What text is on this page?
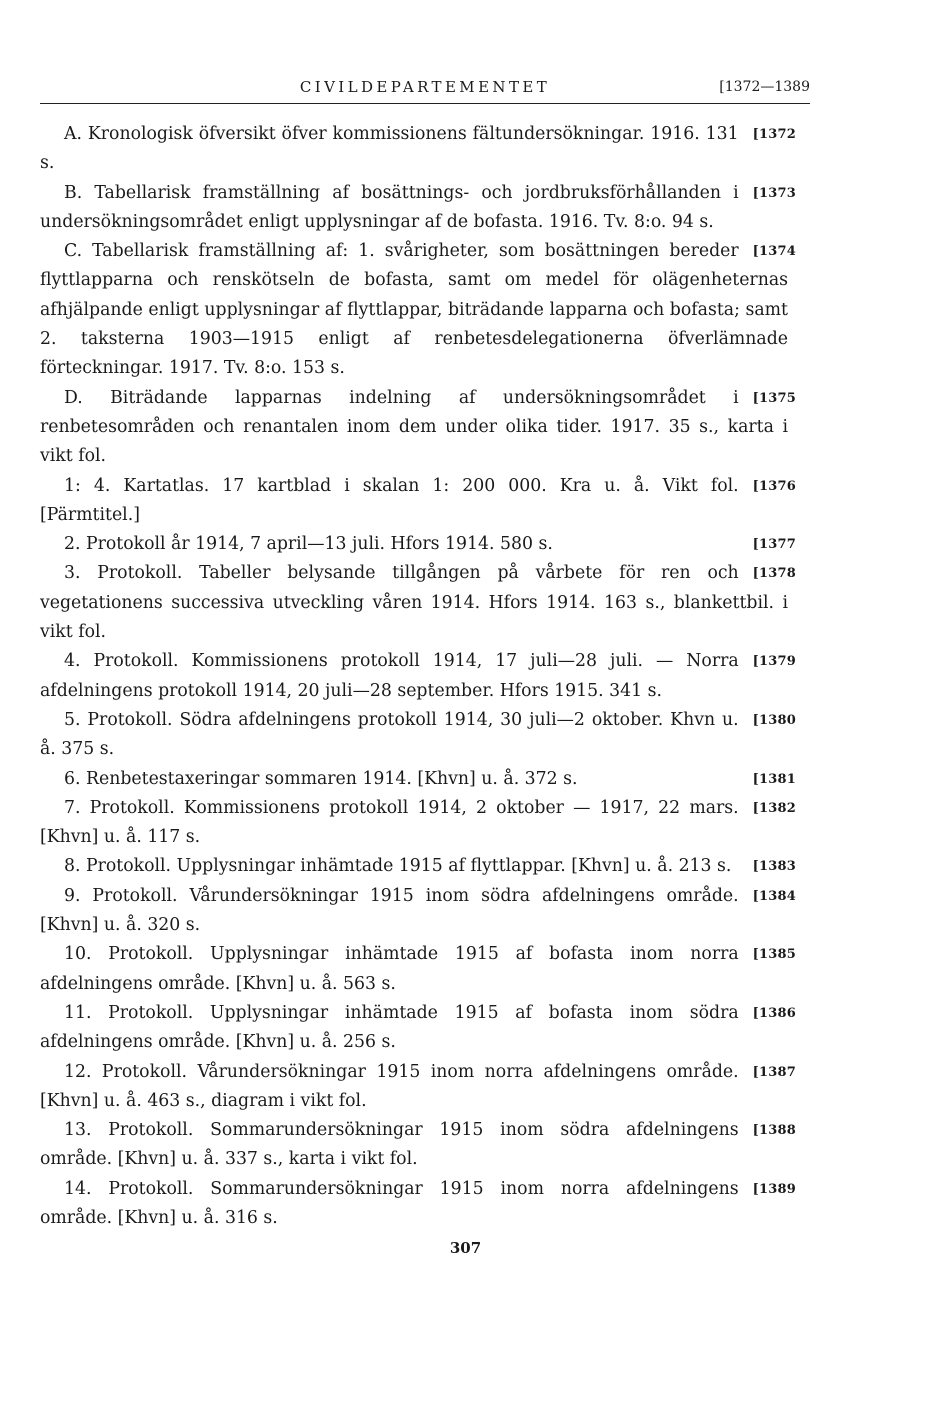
CIVILDEPARTEMENTET	[1372—1389
[1372
A. Kronologisk öfversikt öfver kommissionens fältundersökningar. 1916. 131 s.
[1373
B. Tabellarisk framställning af bosättnings- och jordbruksförhållanden i undersökningsområdet enligt upplysningar af de bofasta. 1916. Tv. 8:o. 94 s.
[1374
C. Tabellarisk framställning af: 1. svårigheter, som bosättningen bereder flyttlapparna och renskötseln de bofasta, samt om medel för olägenheternas afhjälpande enligt upplysningar af flyttlappar, biträdande lapparna och bofasta; samt 2. taksterna 1903—1915 enligt af renbetesdelegationerna öfverlämnade förteckningar. 1917. Tv. 8:o. 153 s.
[1375
D. Biträdande lapparnas indelning af undersökningsområdet i renbetesområden och renantalen inom dem under olika tider. 1917. 35 s., karta i vikt fol.
[1376
1: 4. Kartatlas. 17 kartblad i skalan 1: 200 000. Kra u. å. Vikt fol. [Pärmtitel.]
[1377
2. Protokoll år 1914, 7 april—13 juli. Hfors 1914. 580 s.
[1378
3. Protokoll. Tabeller belysande tillgången på vårbete för ren och vegetationens successiva utveckling våren 1914. Hfors 1914. 163 s., blankettbil. i vikt fol.
[1379
4. Protokoll. Kommissionens protokoll 1914, 17 juli—28 juli. — Norra afdelningens protokoll 1914, 20 juli—28 september. Hfors 1915. 341 s.
[1380
5. Protokoll. Södra afdelningens protokoll 1914, 30 juli—2 oktober. Khvn u. å. 375 s.
[1381
6. Renbetestaxeringar sommaren 1914. [Khvn] u. å. 372 s.
[1382
7. Protokoll. Kommissionens protokoll 1914, 2 oktober — 1917, 22 mars. [Khvn] u. å. 117 s.
[1383
8. Protokoll. Upplysningar inhämtade 1915 af flyttlappar. [Khvn] u. å. 213 s.
[1384
9. Protokoll. Vårundersökningar 1915 inom södra afdelningens område. [Khvn] u. å. 320 s.
[1385
10. Protokoll. Upplysningar inhämtade 1915 af bofasta inom norra afdelningens område. [Khvn] u. å. 563 s.
[1386
11. Protokoll. Upplysningar inhämtade 1915 af bofasta inom södra afdelningens område. [Khvn] u. å. 256 s.
[1387
12. Protokoll. Vårundersökningar 1915 inom norra afdelningens område. [Khvn] u. å. 463 s., diagram i vikt fol.
[1388
13. Protokoll. Sommarundersökningar 1915 inom södra afdelningens område. [Khvn] u. å. 337 s., karta i vikt fol.
[1389
14. Protokoll. Sommarundersökningar 1915 inom norra afdelningens område. [Khvn] u. å. 316 s.
307
